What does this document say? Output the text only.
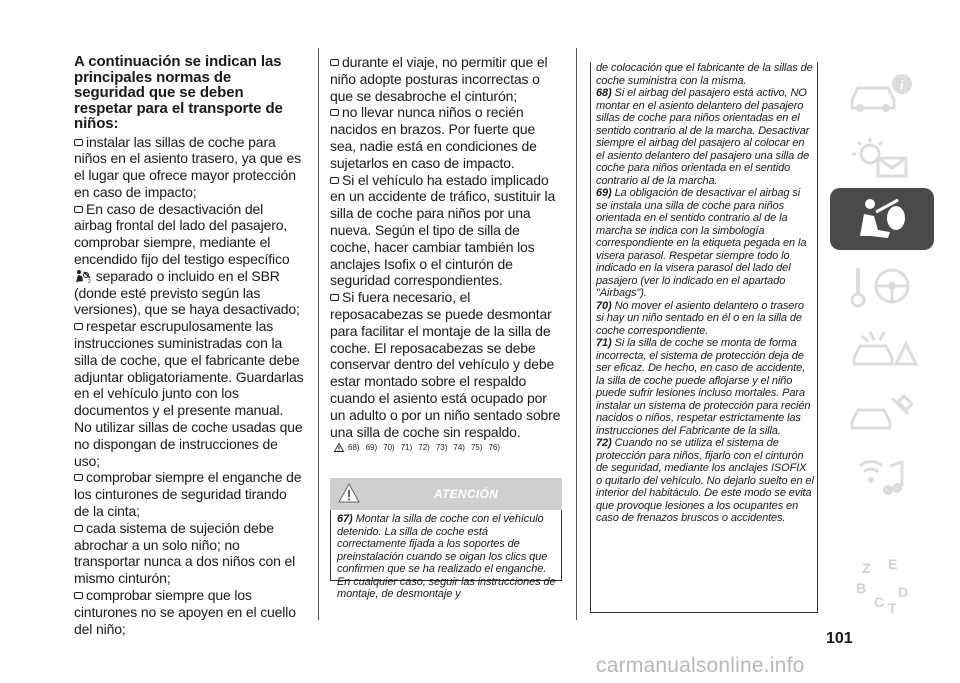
A continuación se indican las principales normas de seguridad que se deben respetar para el transporte de niños:

instalar las sillas de coche para niños en el asiento trasero, ya que es el lugar que ofrece mayor protección en caso de impacto;

En caso de desactivación del airbag frontal del lado del pasajero, comprobar siempre, mediante el encendido fijo del testigo específico
2 separado o incluido en el SBR (donde esté previsto según las versiones), que se haya desactivado;

respetar escrupulosamente las instrucciones suministradas con la silla de coche, que el fabricante debe adjuntar obligatoriamente. Guardarlas en el vehículo junto con los documentos y el presente manual. No utilizar sillas de coche usadas que no dispongan de instrucciones de uso;

comprobar siempre el enganche de los cinturones de seguridad tirando de la cinta;

cada sistema de sujeción debe abrochar a un solo niño; no transportar nunca a dos niños con el mismo cinturón;

comprobar siempre que los cinturones no se apoyen en el cuello del niño;

durante el viaje, no permitir que el niño adopte posturas incorrectas o que se desabroche el cinturón;

no llevar nunca niños o recién nacidos en brazos. Por fuerte que sea, nadie está en condiciones de sujetarlos en caso de impacto.

Si el vehículo ha estado implicado en un accidente de tráfico, sustituir la silla de coche para niños por una nueva. Según el tipo de silla de coche, hacer cambiar también los anclajes Isofix o el cinturón de seguridad correspondientes.

Si fuera necesario, el reposacabezas se puede desmontar para facilitar el montaje de la silla de coche. El reposacabezas se debe conservar dentro del vehículo y debe estar montado sobre el respaldo cuando el asiento está ocupado por un adulto o por un niño sentado sobre una silla de coche sin respaldo.

68) 69) 70) 71) 72) 73) 74) 75) 76)
ATENCIÓN

67) Montar la silla de coche con el vehículo detenido. La silla de coche está correctamente fijada a los soportes de preinstalación cuando se oigan los clics que confirmen que se ha realizado el enganche. En cualquier caso, seguir las instrucciones de montaje, de desmontaje y

de colocación que el fabricante de la sillas de coche suministra con la misma.

68) Si el airbag del pasajero está activo, NO montar en el asiento delantero del pasajero sillas de coche para niños orientadas en el sentido contrario al de la marcha. Desactivar siempre el airbag del pasajero al colocar en el asiento delantero del pasajero una silla de coche para niños orientada en el sentido contrario al de la marcha.

69) La obligación de desactivar el airbag si se instala una silla de coche para niños orientada en el sentido contrario al de la marcha se indica con la simbología correspondiente en la etiqueta pegada en la visera parasol. Respetar siempre todo lo indicado en la visera parasol del lado del pasajero (ver lo indicado en el apartado "Airbags").

70) No mover el asiento delantero o trasero si hay un niño sentado en él o en la silla de coche correspondiente.

71) Si la silla de coche se monta de forma incorrecta, el sistema de protección deja de ser eficaz. De hecho, en caso de accidente, la silla de coche puede aflojarse y el niño puede sufrir lesiones incluso mortales. Para instalar un sistema de protección para recién nacidos o niños, respetar estrictamente las instrucciones del Fabricante de la silla.

72) Cuando no se utiliza el sistema de protección para niños, fijarlo con el cinturón de seguridad, mediante los anclajes ISOFIX o quitarlo del vehículo. No dejarlo suelto en el interior del habitáculo. De este modo se evita que provoque lesiones a los ocupantes en caso de frenazos bruscos o accidentes.

i
Z E
B
C
D
T
101
carmanualsonline.info
